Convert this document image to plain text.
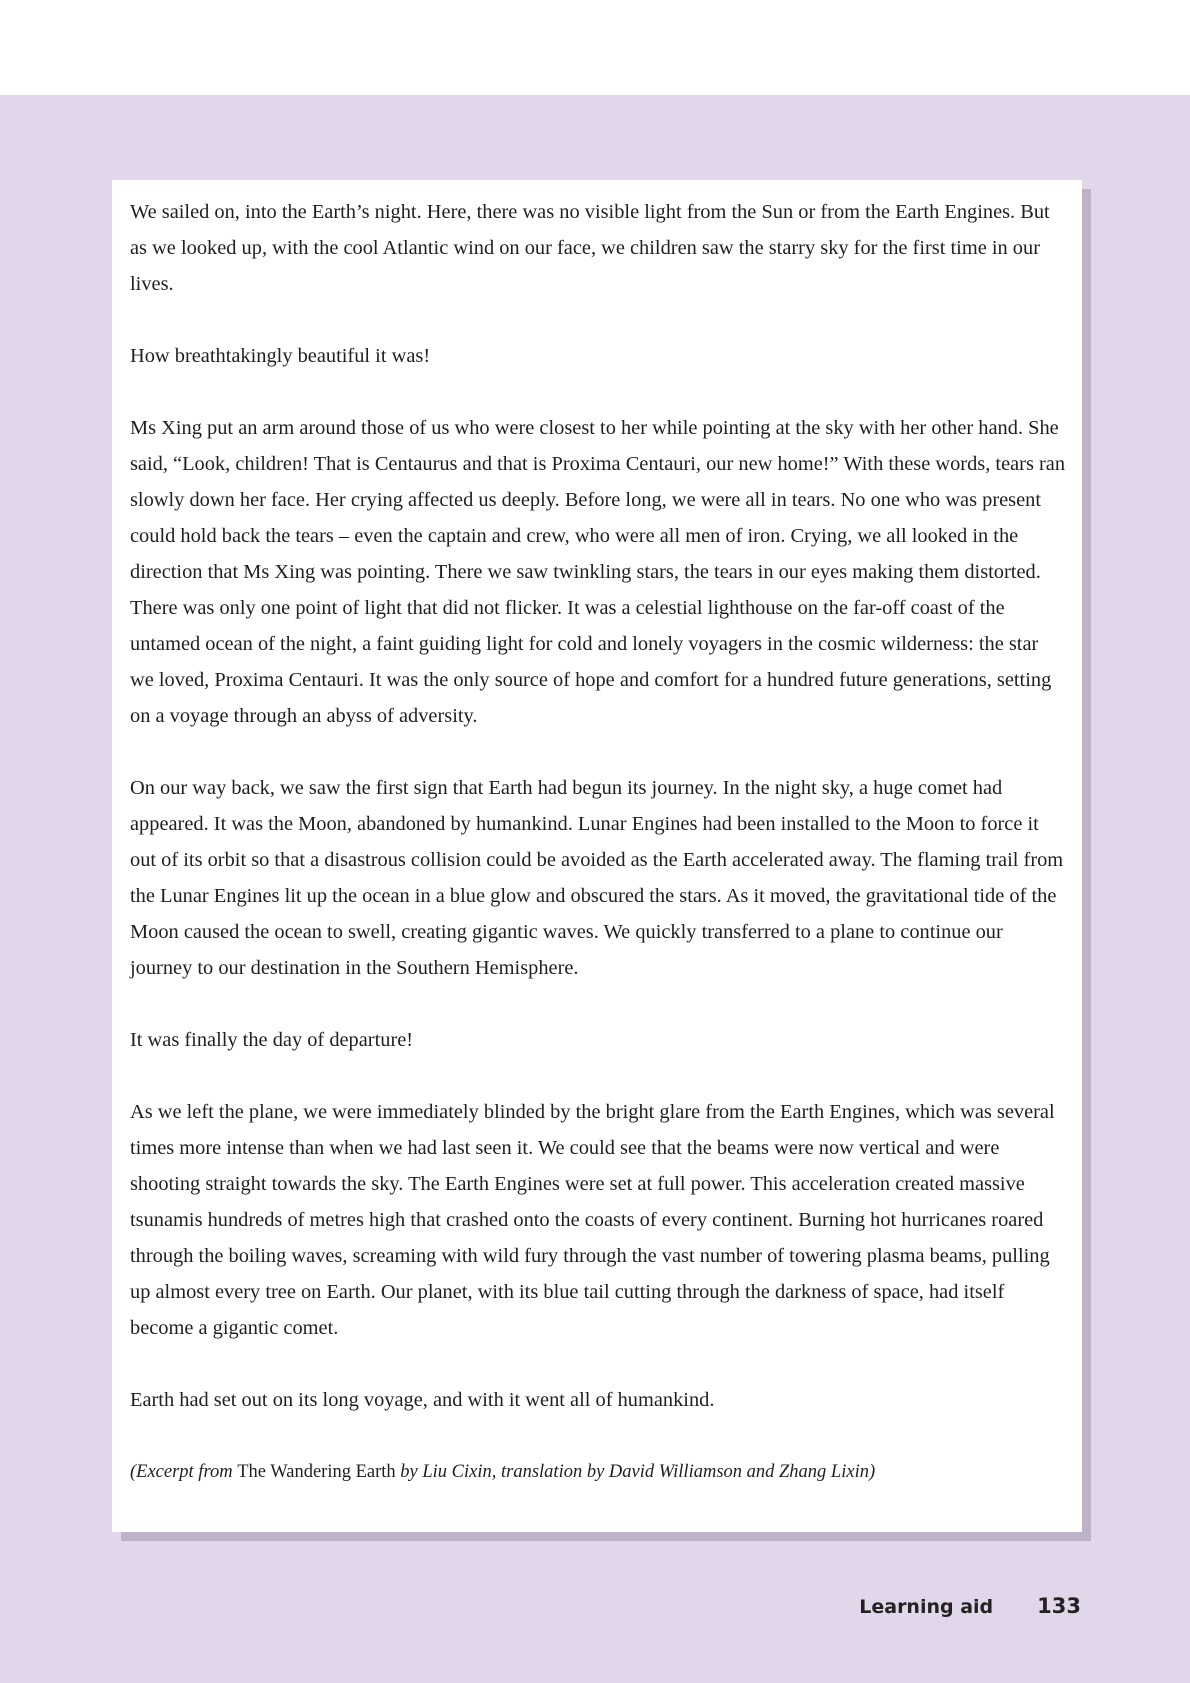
We sailed on, into the Earth’s night. Here, there was no visible light from the Sun or from the Earth Engines. But as we looked up, with the cool Atlantic wind on our face, we children saw the starry sky for the first time in our lives.

How breathtakingly beautiful it was!

Ms Xing put an arm around those of us who were closest to her while pointing at the sky with her other hand. She said, “Look, children! That is Centaurus and that is Proxima Centauri, our new home!” With these words, tears ran slowly down her face. Her crying affected us deeply. Before long, we were all in tears. No one who was present could hold back the tears – even the captain and crew, who were all men of iron. Crying, we all looked in the direction that Ms Xing was pointing. There we saw twinkling stars, the tears in our eyes making them distorted. There was only one point of light that did not flicker. It was a celestial lighthouse on the far-off coast of the untamed ocean of the night, a faint guiding light for cold and lonely voyagers in the cosmic wilderness: the star we loved, Proxima Centauri. It was the only source of hope and comfort for a hundred future generations, setting on a voyage through an abyss of adversity.

On our way back, we saw the first sign that Earth had begun its journey. In the night sky, a huge comet had appeared. It was the Moon, abandoned by humankind. Lunar Engines had been installed to the Moon to force it out of its orbit so that a disastrous collision could be avoided as the Earth accelerated away. The flaming trail from the Lunar Engines lit up the ocean in a blue glow and obscured the stars. As it moved, the gravitational tide of the Moon caused the ocean to swell, creating gigantic waves. We quickly transferred to a plane to continue our journey to our destination in the Southern Hemisphere.

It was finally the day of departure!

As we left the plane, we were immediately blinded by the bright glare from the Earth Engines, which was several times more intense than when we had last seen it. We could see that the beams were now vertical and were shooting straight towards the sky. The Earth Engines were set at full power. This acceleration created massive tsunamis hundreds of metres high that crashed onto the coasts of every continent. Burning hot hurricanes roared through the boiling waves, screaming with wild fury through the vast number of towering plasma beams, pulling up almost every tree on Earth. Our planet, with its blue tail cutting through the darkness of space, had itself become a gigantic comet.

Earth had set out on its long voyage, and with it went all of humankind.

(Excerpt from The Wandering Earth by Liu Cixin, translation by David Williamson and Zhang Lixin)

Learning aid 133
